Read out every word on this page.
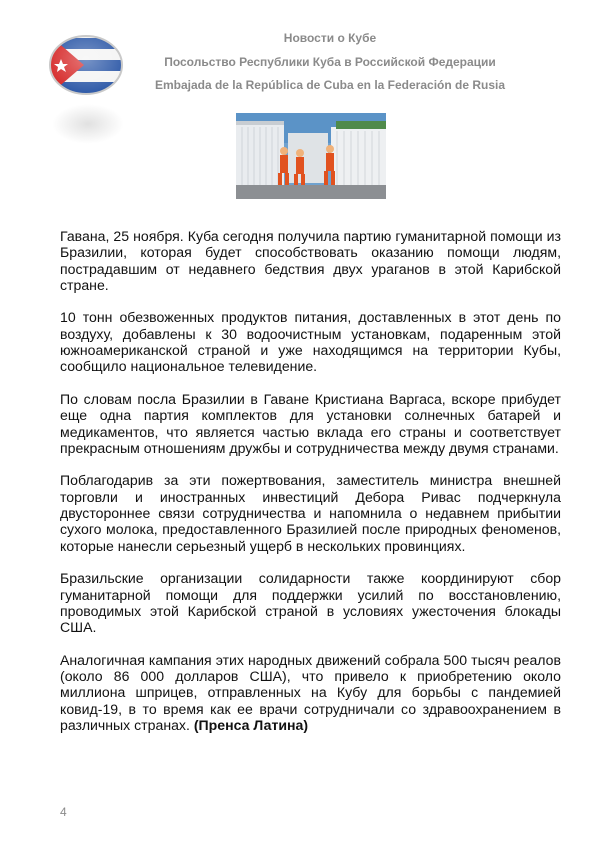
Новости о Кубе
Посольство Республики Куба в Российской Федерации
Embajada de la República de Cuba en la Federación de Rusia

Гавана, 25 ноября. Куба сегодня получила партию гуманитарной помощи из Бразилии, которая будет способствовать оказанию помощи людям, пострадавшим от недавнего бедствия двух ураганов в этой Карибской стране.

10 тонн обезвоженных продуктов питания, доставленных в этот день по воздуху, добавлены к 30 водоочистным установкам, подаренным этой южноамериканской страной и уже находящимся на территории Кубы, сообщило национальное телевидение.

По словам посла Бразилии в Гаване Кристиана Варгаса, вскоре прибудет еще одна партия комплектов для установки солнечных батарей и медикаментов, что является частью вклада его страны и соответствует прекрасным отношениям дружбы и сотрудничества между двумя странами.

Поблагодарив за эти пожертвования, заместитель министра внешней торговли и иностранных инвестиций Дебора Ривас подчеркнула двустороннее связи сотрудничества и напомнила о недавнем прибытии сухого молока, предоставленного Бразилией после природных феноменов, которые нанесли серьезный ущерб в нескольких провинциях.

Бразильские организации солидарности также координируют сбор гуманитарной помощи для поддержки усилий по восстановлению, проводимых этой Карибской страной в условиях ужесточения блокады США.

Аналогичная кампания этих народных движений собрала 500 тысяч реалов (около 86 000 долларов США), что привело к приобретению около миллиона шприцев, отправленных на Кубу для борьбы с пандемией ковид-19, в то время как ее врачи сотрудничали со здравоохранением в различных странах. (Пренса Латина)

4
